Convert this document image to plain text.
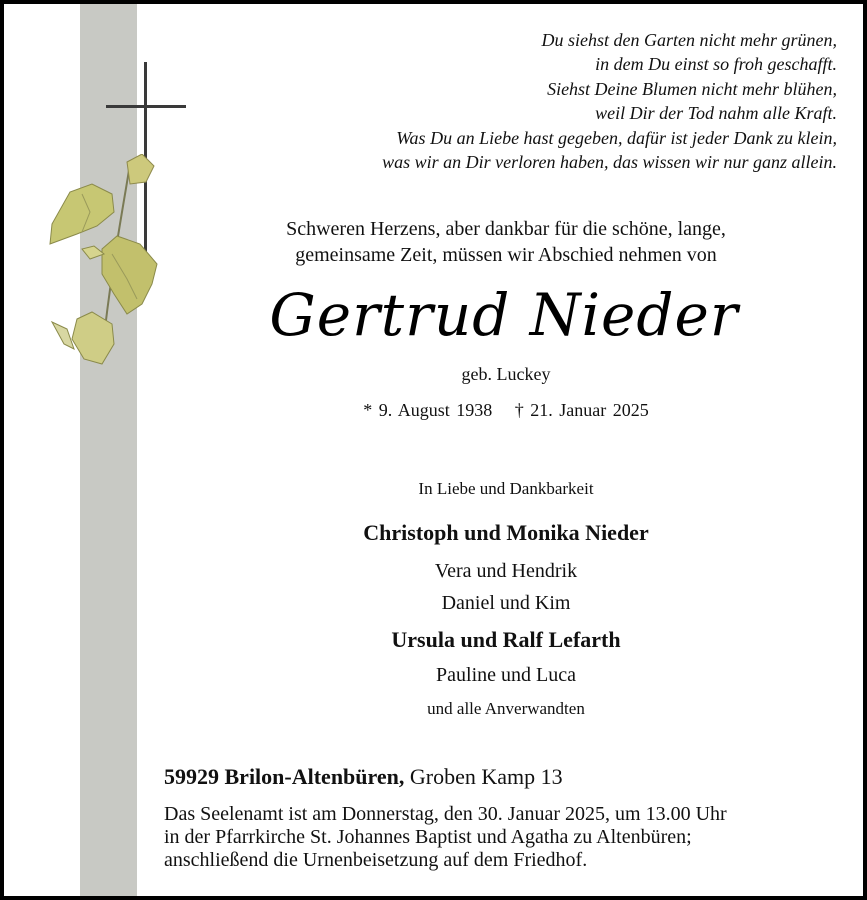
Du siehst den Garten nicht mehr grünen,
in dem Du einst so froh geschafft.
Siehst Deine Blumen nicht mehr blühen,
weil Dir der Tod nahm alle Kraft.
Was Du an Liebe hast gegeben, dafür ist jeder Dank zu klein,
was wir an Dir verloren haben, das wissen wir nur ganz allein.
Schweren Herzens, aber dankbar für die schöne, lange,
gemeinsame Zeit, müssen wir Abschied nehmen von
Gertrud Nieder
geb. Luckey
* 9. August 1938 † 21. Januar 2025
In Liebe und Dankbarkeit
Christoph und Monika Nieder
Vera und Hendrik
Daniel und Kim
Ursula und Ralf Lefarth
Pauline und Luca
und alle Anverwandten
59929 Brilon-Altenbüren, Groben Kamp 13
Das Seelenamt ist am Donnerstag, den 30. Januar 2025, um 13.00 Uhr
in der Pfarrkirche St. Johannes Baptist und Agatha zu Altenbüren;
anschließend die Urnenbeisetzung auf dem Friedhof.
